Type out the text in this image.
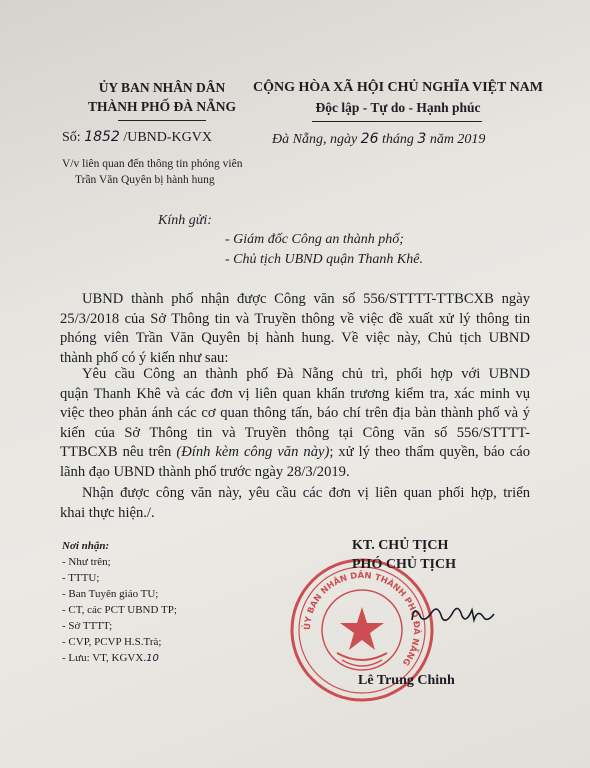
ỦY BAN NHÂN DÂN
THÀNH PHỐ ĐÀ NẴNG
CỘNG HÒA XÃ HỘI CHỦ NGHĨA VIỆT NAM
Độc lập - Tự do - Hạnh phúc
Số: 1852 /UBND-KGVX	Đà Nẵng, ngày 26 tháng 3 năm 2019
V/v liên quan đến thông tin phóng viên
Trần Văn Quyên bị hành hung
Kính gửi:
- Giám đốc Công an thành phố;
- Chủ tịch UBND quận Thanh Khê.
UBND thành phố nhận được Công văn số 556/STTTT-TTBCXB ngày
25/3/2018 của Sở Thông tin và Truyền thông về việc đề xuất xử lý thông tin
phóng viên Trần Văn Quyên bị hành hung. Về việc này, Chủ tịch UBND
thành phố có ý kiến như sau:
Yêu cầu Công an thành phố Đà Nẵng chủ trì, phối hợp với UBND
quận Thanh Khê và các đơn vị liên quan khẩn trương kiểm tra, xác minh vụ
việc theo phản ánh các cơ quan thông tấn, báo chí trên địa bàn thành phố và ý
kiến của Sở Thông tin và Truyền thông tại Công văn số 556/STTTT-
TTBCXB nêu trên (Đính kèm công văn này); xử lý theo thẩm quyền, báo cáo
lãnh đạo UBND thành phố trước ngày 28/3/2019.
Nhận được công văn này, yêu cầu các đơn vị liên quan phối hợp, triển
khai thực hiện./.
Nơi nhận:
- Như trên;
- TTTU;
- Ban Tuyên giáo TU;
- CT, các PCT UBND TP;
- Sở TTTT;
- CVP, PCVP H.S.Trà;
- Lưu: VT, KGVX.10
ỦY BAN NHÂN DÂN THÀNH PHỐ ĐÀ NẴNG
KT. CHỦ TỊCH
PHÓ CHỦ TỊCH
Lê Trung Chinh
